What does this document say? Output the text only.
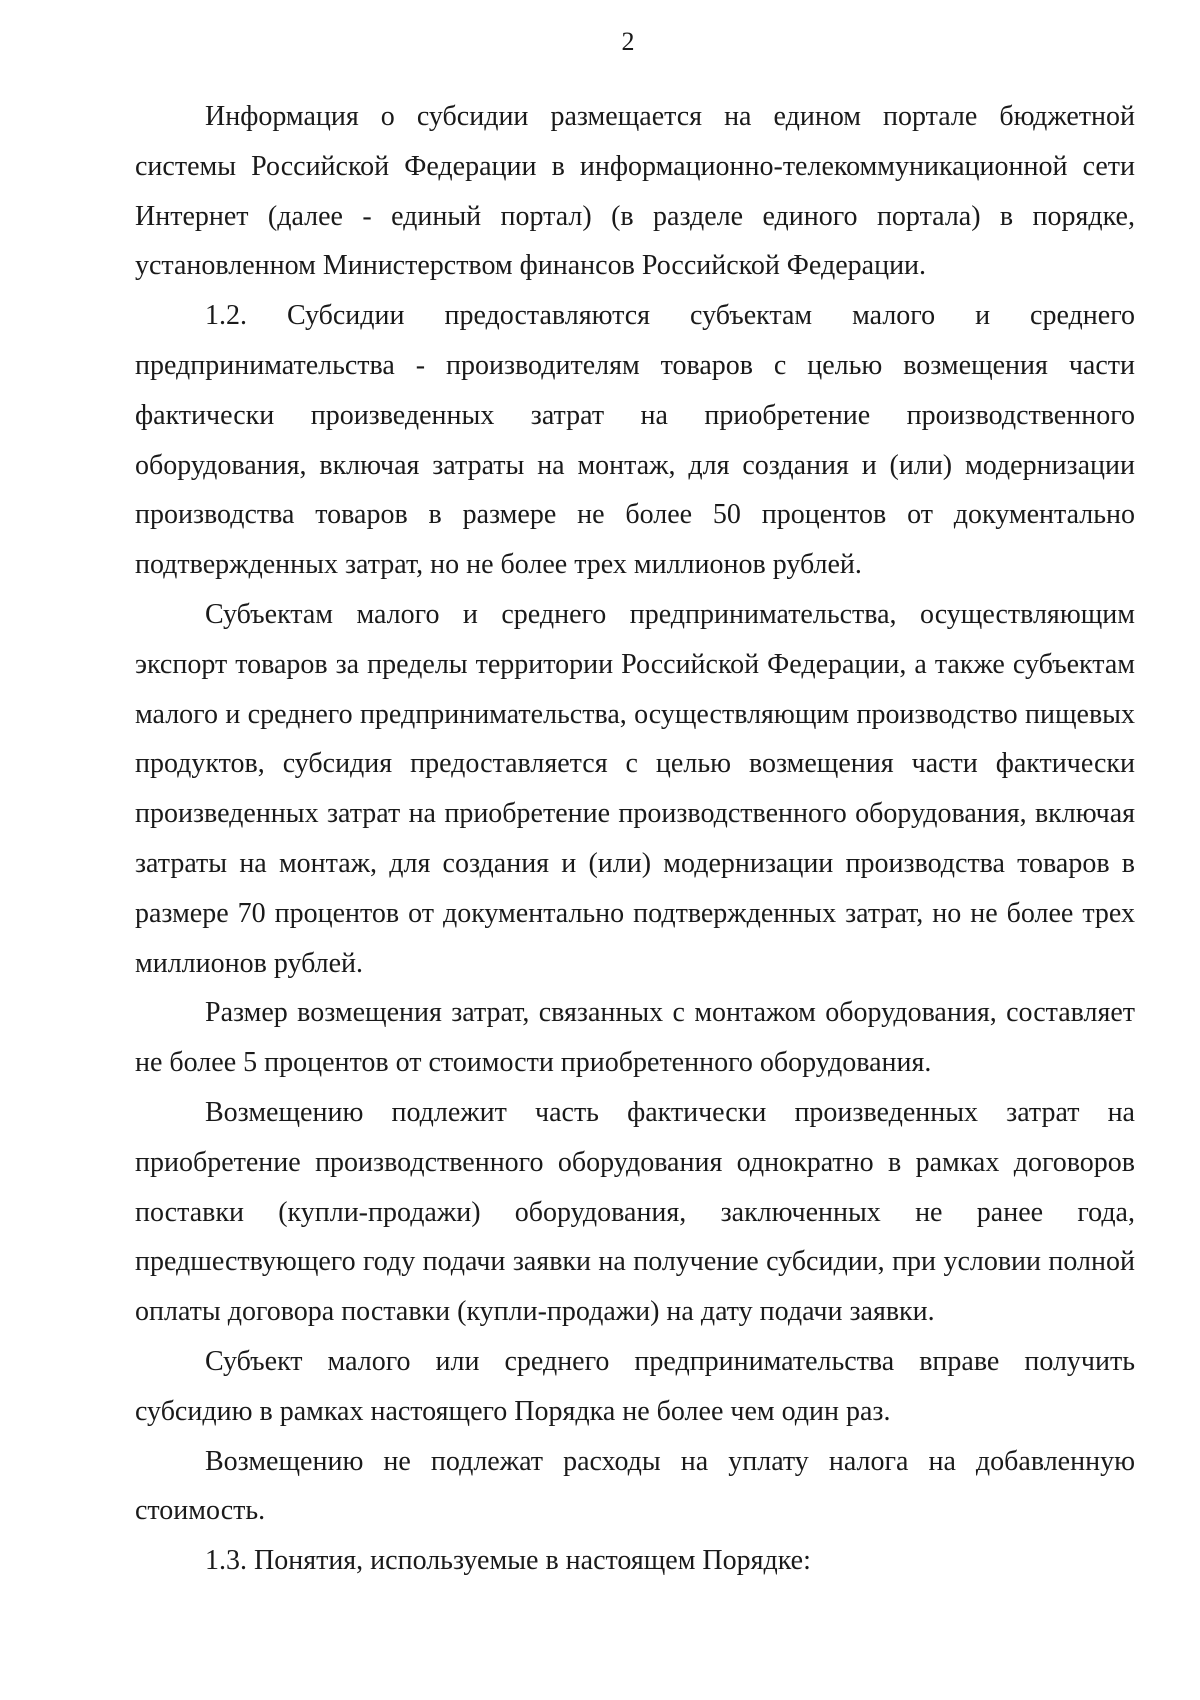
2

Информация о субсидии размещается на едином портале бюджетной системы Российской Федерации в информационно-телекоммуникационной сети Интернет (далее - единый портал) (в разделе единого портала) в порядке, установленном Министерством финансов Российской Федерации.

1.2. Субсидии предоставляются субъектам малого и среднего предпринимательства - производителям товаров с целью возмещения части фактически произведенных затрат на приобретение производственного оборудования, включая затраты на монтаж, для создания и (или) модернизации производства товаров в размере не более 50 процентов от документально подтвержденных затрат, но не более трех миллионов рублей.

Субъектам малого и среднего предпринимательства, осуществляющим экспорт товаров за пределы территории Российской Федерации, а также субъектам малого и среднего предпринимательства, осуществляющим производство пищевых продуктов, субсидия предоставляется с целью возмещения части фактически произведенных затрат на приобретение производственного оборудования, включая затраты на монтаж, для создания и (или) модернизации производства товаров в размере 70 процентов от документально подтвержденных затрат, но не более трех миллионов рублей.

Размер возмещения затрат, связанных с монтажом оборудования, составляет не более 5 процентов от стоимости приобретенного оборудования.

Возмещению подлежит часть фактически произведенных затрат на приобретение производственного оборудования однократно в рамках договоров поставки (купли-продажи) оборудования, заключенных не ранее года, предшествующего году подачи заявки на получение субсидии, при условии полной оплаты договора поставки (купли-продажи) на дату подачи заявки.

Субъект малого или среднего предпринимательства вправе получить субсидию в рамках настоящего Порядка не более чем один раз.

Возмещению не подлежат расходы на уплату налога на добавленную стоимость.

1.3. Понятия, используемые в настоящем Порядке:
